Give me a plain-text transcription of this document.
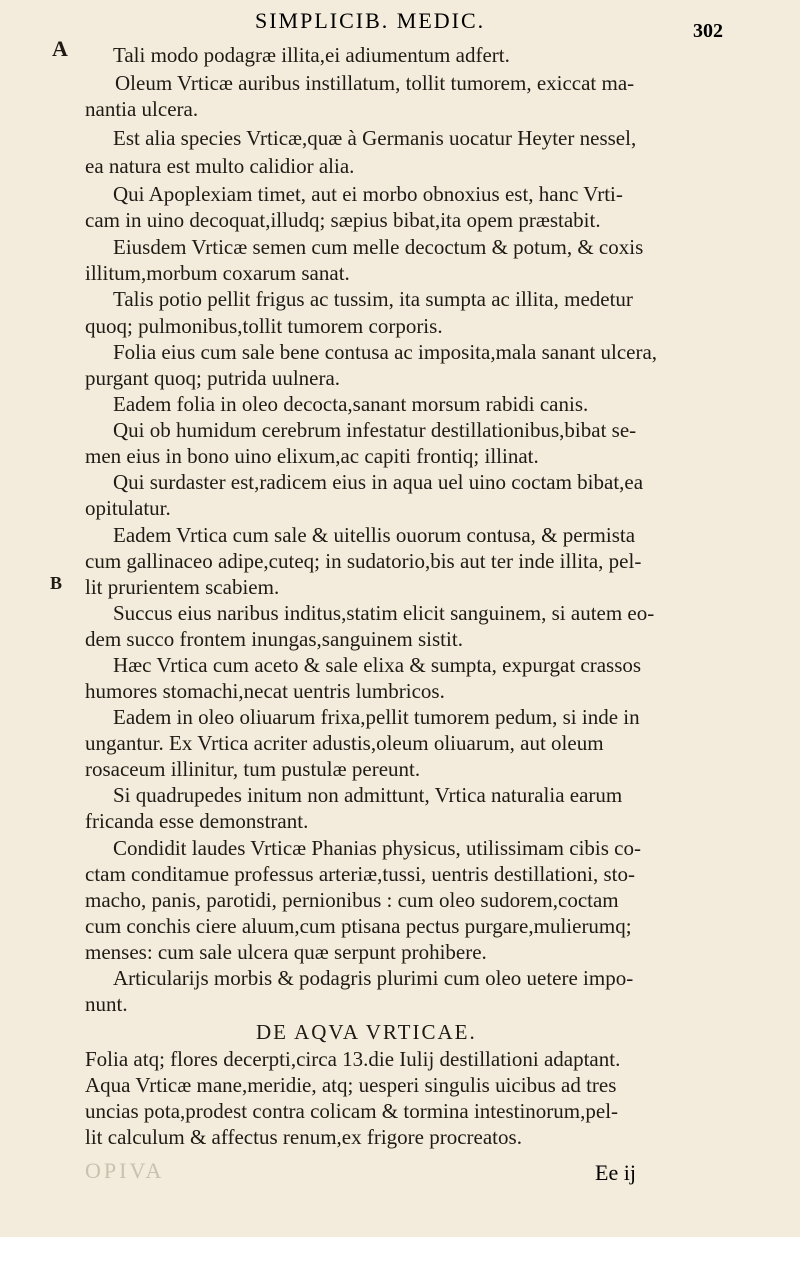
SIMPLICIB. MEDIC.	302
A
B
Tali modo podagræ illita,ei adiumentum adfert.
Oleum Vrticæ auribus instillatum, tollit tumorem, exiccat ma-
nantia ulcera.
Est alia species Vrticæ,quæ à Germanis uocatur Heyter nessel,
ea natura est multo calidior alia.
Qui Apoplexiam timet, aut ei morbo obnoxius est, hanc Vrti-
cam in uino decoquat,illudq; sæpius bibat,ita opem præstabit.
Eiusdem Vrticæ semen cum melle decoctum & potum, & coxis
illitum,morbum coxarum sanat.
Talis potio pellit frigus ac tussim, ita sumpta ac illita, medetur
quoq; pulmonibus,tollit tumorem corporis.
Folia eius cum sale bene contusa ac imposita,mala sanant ulcera,
purgant quoq; putrida uulnera.
Eadem folia in oleo decocta,sanant morsum rabidi canis.
Qui ob humidum cerebrum infestatur destillationibus,bibat se-
men eius in bono uino elixum,ac capiti frontiq; illinat.
Qui surdaster est,radicem eius in aqua uel uino coctam bibat,ea
opitulatur.
Eadem Vrtica cum sale & uitellis ouorum contusa, & permista
cum gallinaceo adipe,cuteq; in sudatorio,bis aut ter inde illita, pel-
lit prurientem scabiem.
Succus eius naribus inditus,statim elicit sanguinem, si autem eo-
dem succo frontem inungas,sanguinem sistit.
Hæc Vrtica cum aceto & sale elixa & sumpta, expurgat crassos
humores stomachi,necat uentris lumbricos.
Eadem in oleo oliuarum frixa,pellit tumorem pedum, si inde in
ungantur. Ex Vrtica acriter adustis,oleum oliuarum, aut oleum
rosaceum illinitur, tum pustulæ pereunt.
Si quadrupedes initum non admittunt, Vrtica naturalia earum
fricanda esse demonstrant.
Condidit laudes Vrticæ Phanias physicus, utilissimam cibis co-
ctam conditamue professus arteriæ,tussi, uentris destillationi, sto-
macho, panis, parotidi, pernionibus : cum oleo sudorem,coctam
cum conchis ciere aluum,cum ptisana pectus purgare,mulierumq;
menses: cum sale ulcera quæ serpunt prohibere.
Articularijs morbis & podagris plurimi cum oleo uetere impo-
nunt.
DE AQVA VRTICAE.
Folia atq; flores decerpti,circa 13.die Iulij destillationi adaptant.
Aqua Vrticæ mane,meridie, atq; uesperi singulis uicibus ad tres
uncias pota,prodest contra colicam & tormina intestinorum,pel-
lit calculum & affectus renum,ex frigore procreatos.
OPIVA	Ee ij
